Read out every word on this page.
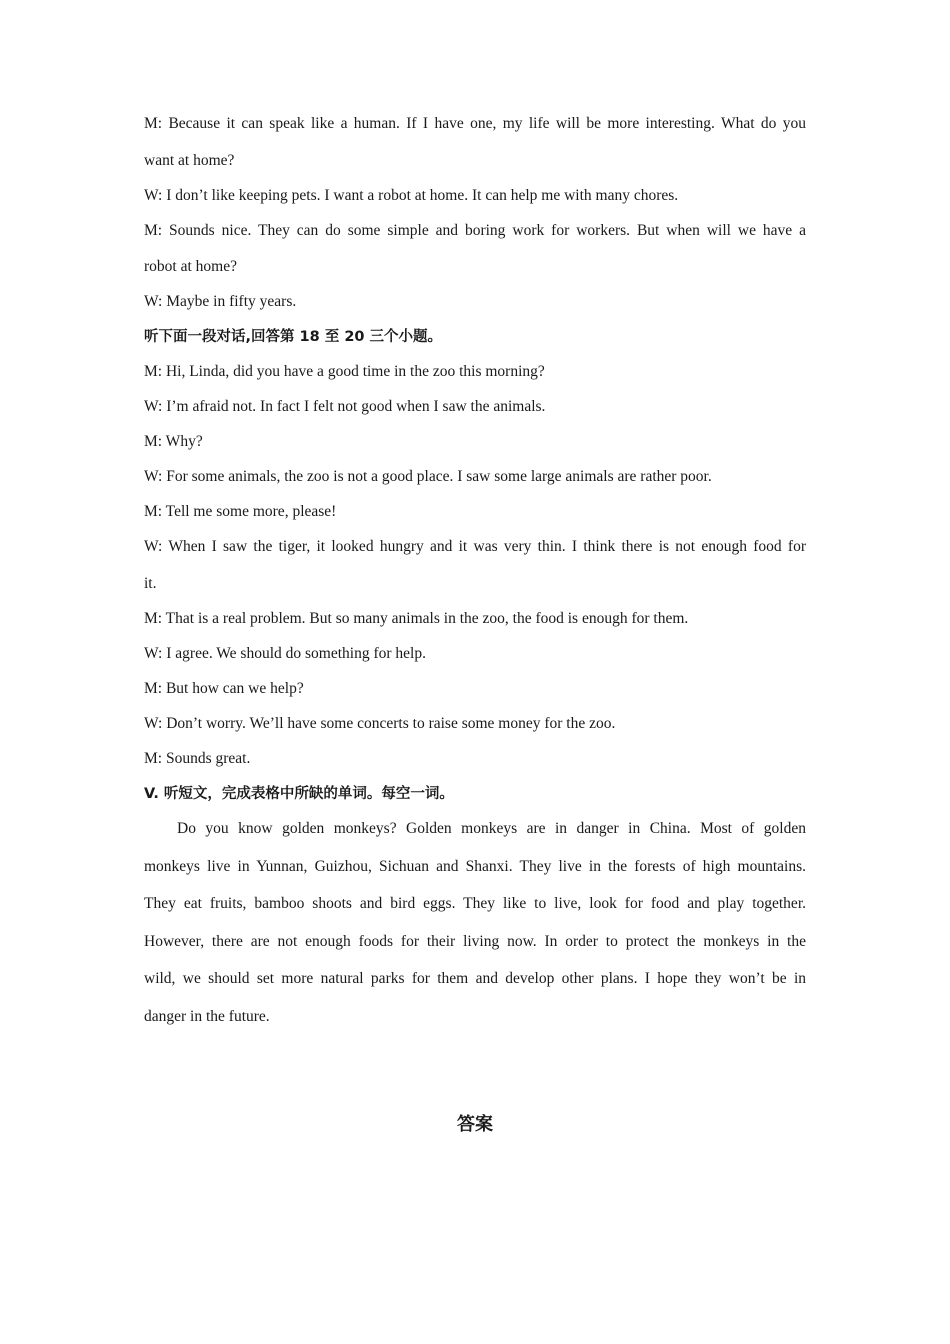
M: Because it can speak like a human. If I have one, my life will be more interesting. What do you
want at home?
W: I don’t like keeping pets. I want a robot at home. It can help me with many chores.
M: Sounds nice. They can do some simple and boring work for workers. But when will we have a
robot at home?
W: Maybe in fifty years.
听下面一段对话,回答第 18 至 20 三个小题。
M: Hi, Linda, did you have a good time in the zoo this morning?
W: I’m afraid not. In fact I felt not good when I saw the animals.
M: Why?
W: For some animals, the zoo is not a good place. I saw some large animals are rather poor.
M: Tell me some more, please!
W: When I saw the tiger, it looked hungry and it was very thin. I think there is not enough food for
it.
M: That is a real problem. But so many animals in the zoo, the food is enough for them.
W: I agree. We should do something for help.
M: But how can we help?
W: Don’t worry. We’ll have some concerts to raise some money for the zoo.
M: Sounds great.
V. 听短文，完成表格中所缺的单词。每空一词。
Do you know golden monkeys? Golden monkeys are in danger in China. Most of golden
monkeys live in Yunnan, Guizhou, Sichuan and Shanxi. They live in the forests of high mountains.
They eat fruits, bamboo shoots and bird eggs. They like to live, look for food and play together.
However, there are not enough foods for their living now. In order to protect the monkeys in the
wild, we should set more natural parks for them and develop other plans. I hope they won’t be in
danger in the future.
答案
